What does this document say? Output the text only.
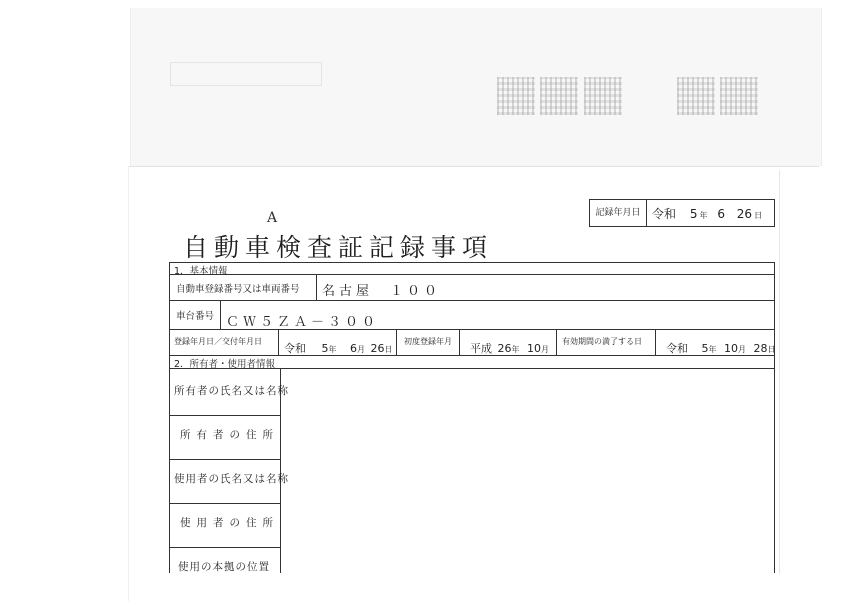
A
自動車検査証記録事項
記録年月日 令和 5 年 6 26 日
1．基本情報
自動車登録番号又は車両番号 名古屋　１００
車台番号 ＣＷ５ＺＡ－３００
登録年月日／交付年月日
令和 5年 6月 26日
初度登録年月
平成 26年 10月
有効期間の満了する日
令和 5年 10月 28日
2．所有者・使用者情報
所有者の氏名又は名称
所有者の住所
使用者の氏名又は名称
使用者の住所
使用の本拠の位置
